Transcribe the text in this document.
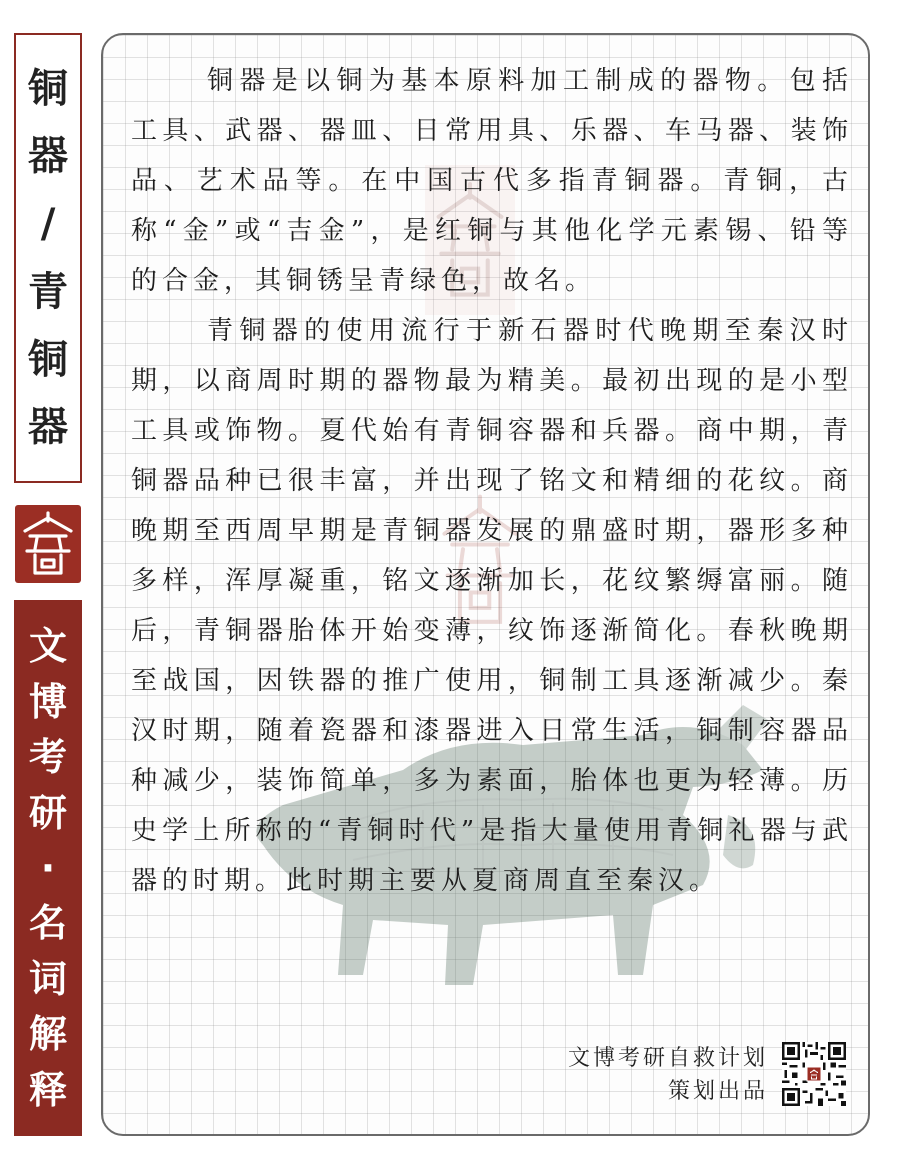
铜
器
/
青
铜
器
文
博
考
研
·
名
词
解
释

铜器是以铜为基本原料加工制成的器物。包括工具、武器、器皿、日常用具、乐器、车马器、装饰品、艺术品等。在中国古代多指青铜器。青铜，古称“金”或“吉金”，是红铜与其他化学元素锡、铅等的合金，其铜锈呈青绿色，故名。

青铜器的使用流行于新石器时代晚期至秦汉时期，以商周时期的器物最为精美。最初出现的是小型工具或饰物。夏代始有青铜容器和兵器。商中期，青铜器品种已很丰富，并出现了铭文和精细的花纹。商晚期至西周早期是青铜器发展的鼎盛时期，器形多种多样，浑厚凝重，铭文逐渐加长，花纹繁缛富丽。随后，青铜器胎体开始变薄，纹饰逐渐简化。春秋晚期至战国，因铁器的推广使用，铜制工具逐渐减少。秦汉时期，随着瓷器和漆器进入日常生活，铜制容器品种减少，装饰简单，多为素面，胎体也更为轻薄。历史学上所称的“青铜时代”是指大量使用青铜礼器与武器的时期。此时期主要从夏商周直至秦汉。

文博考研自救计划
策划出品
